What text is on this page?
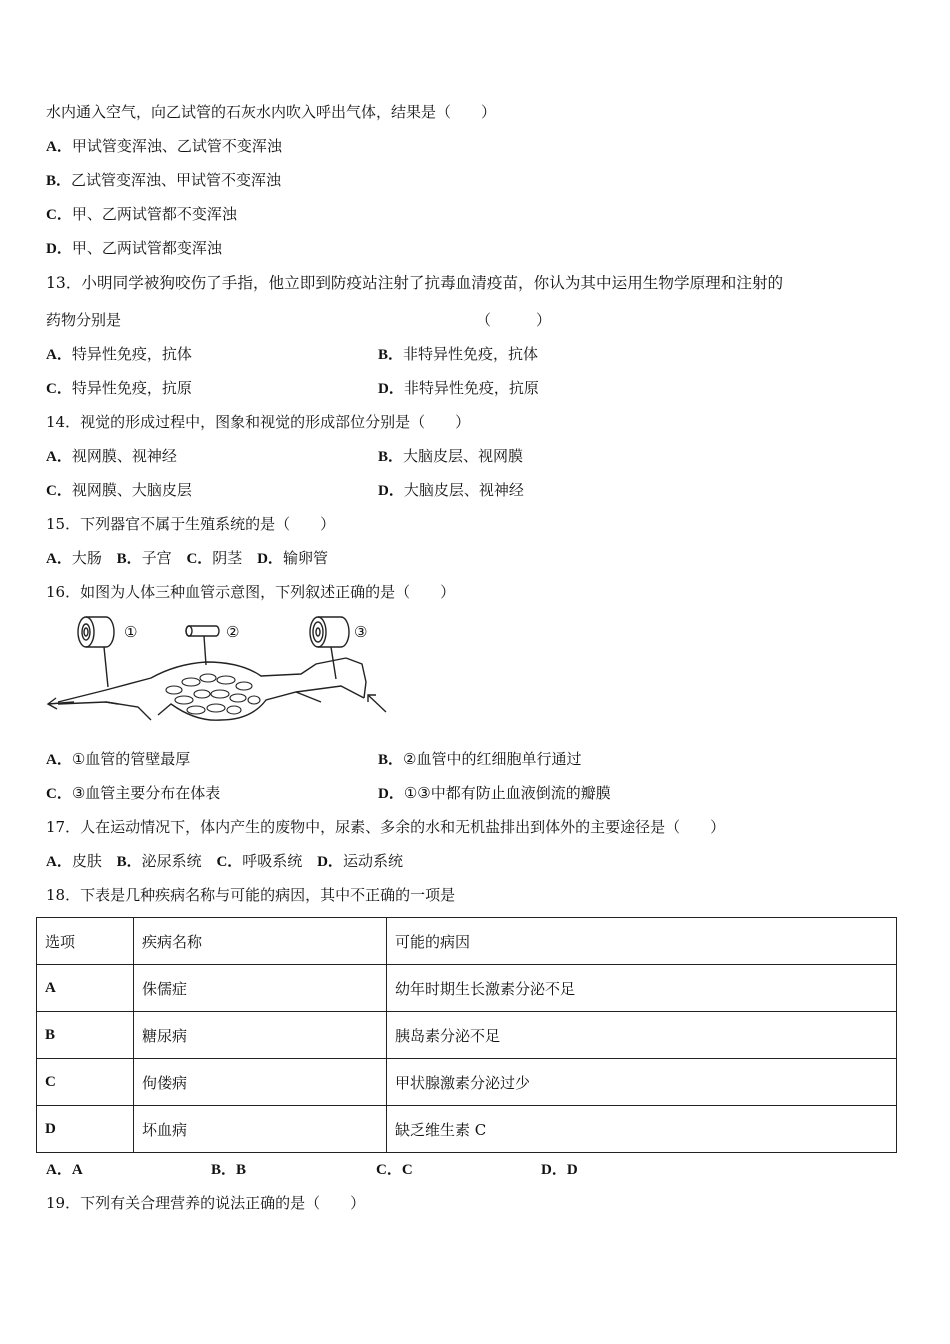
水内通入空气，向乙试管的石灰水内吹入呼出气体，结果是（　　）
A．甲试管变浑浊、乙试管不变浑浊
B．乙试管变浑浊、甲试管不变浑浊
C．甲、乙两试管都不变浑浊
D．甲、乙两试管都变浑浊
13．小明同学被狗咬伤了手指，他立即到防疫站注射了抗毒血清疫苗，你认为其中运用生物学原理和注射的
药物分别是	（　　　）
A．特异性免疫，抗体	B．非特异性免疫，抗体
C．特异性免疫，抗原	D．非特异性免疫，抗原
14．视觉的形成过程中，图象和视觉的形成部位分别是（　　）
A．视网膜、视神经	B．大脑皮层、视网膜
C．视网膜、大脑皮层	D．大脑皮层、视神经
15．下列器官不属于生殖系统的是（　　）
A．大肠 B．子宫 C．阴茎 D．输卵管
16．如图为人体三种血管示意图，下列叙述正确的是（　　）
①	②	③
A．①血管的管壁最厚	B．②血管中的红细胞单行通过
C．③血管主要分布在体表	D．①③中都有防止血液倒流的瓣膜
17．人在运动情况下，体内产生的废物中，尿素、多余的水和无机盐排出到体外的主要途径是（　　）
A．皮肤 B．泌尿系统 C．呼吸系统 D．运动系统
18．下表是几种疾病名称与可能的病因，其中不正确的一项是
选项	疾病名称	可能的病因
A	侏儒症	幼年时期生长激素分泌不足
B	糖尿病	胰岛素分泌不足
C	佝偻病	甲状腺激素分泌过少
D	坏血病	缺乏维生素 C
A．A	B．B	C．C	D．D
19．下列有关合理营养的说法正确的是（　　）
